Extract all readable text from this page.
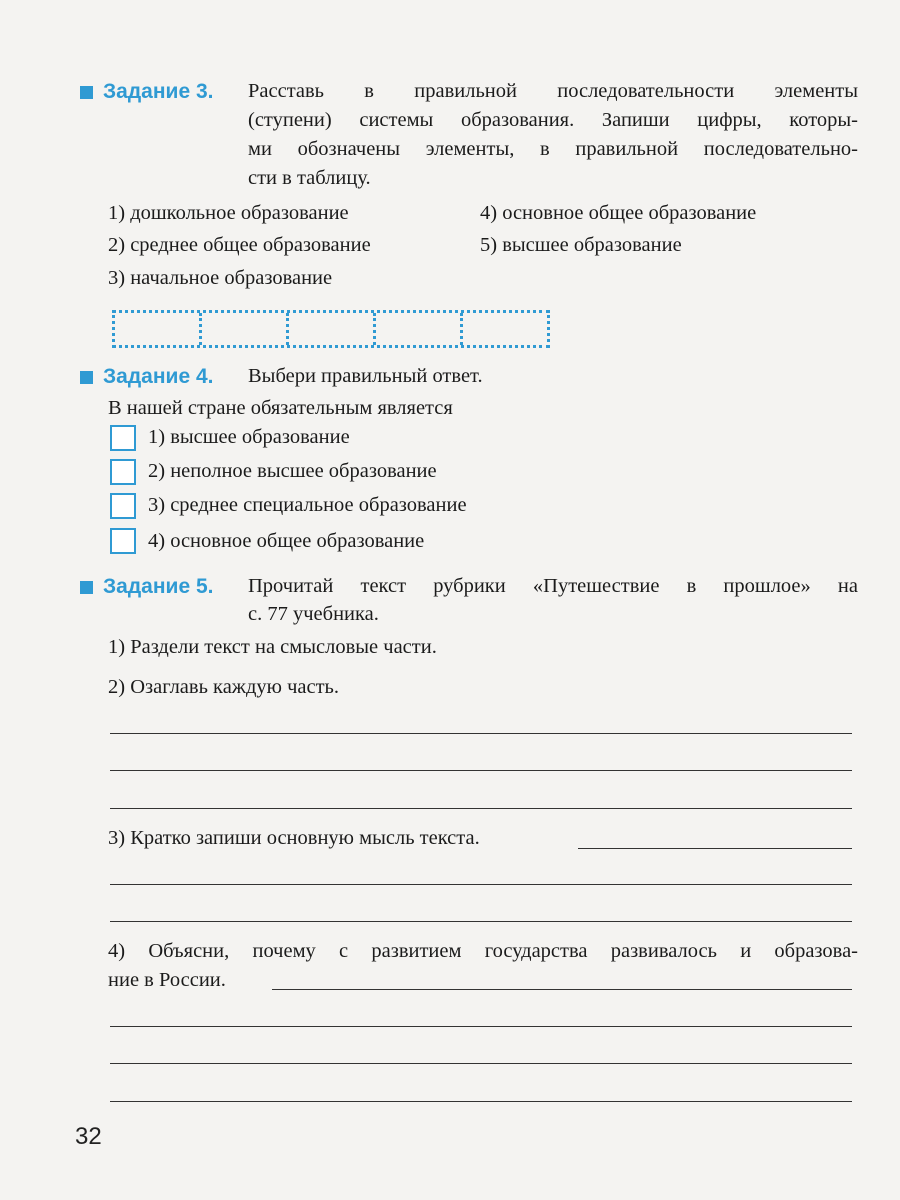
Задание 3. Расставь в правильной последовательности элементы
(ступени) системы образования. Запиши цифры, которы-
ми обозначены элементы, в правильной последовательно-
сти в таблицу.
1) дошкольное образование	4) основное общее образование
2) среднее общее образование	5) высшее образование
3) начальное образование
Задание 4. Выбери правильный ответ.
В нашей стране обязательным является
1) высшее образование
2) неполное высшее образование
3) среднее специальное образование
4) основное общее образование
Задание 5. Прочитай текст рубрики «Путешествие в прошлое» на
с. 77 учебника.
1) Раздели текст на смысловые части.
2) Озаглавь каждую часть.
3) Кратко запиши основную мысль текста.
4) Объясни, почему с развитием государства развивалось и образова-
ние в России.
32
